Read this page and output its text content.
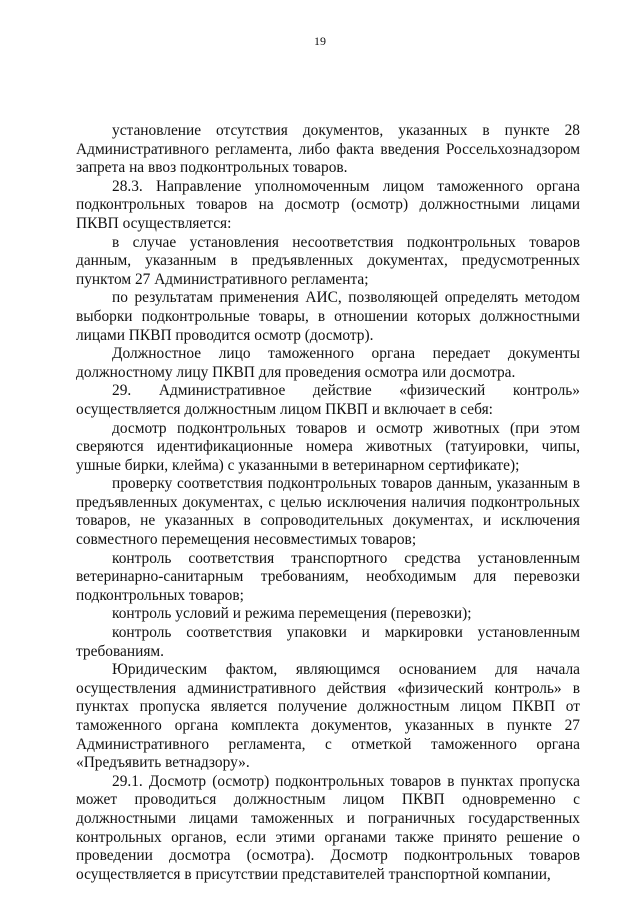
19

установление отсутствия документов, указанных в пункте 28 Административного регламента, либо факта введения Россельхознадзором запрета на ввоз подконтрольных товаров.

28.3. Направление уполномоченным лицом таможенного органа подконтрольных товаров на досмотр (осмотр) должностными лицами ПКВП осуществляется:

в случае установления несоответствия подконтрольных товаров данным, указанным в предъявленных документах, предусмотренных пунктом 27 Административного регламента;

по результатам применения АИС, позволяющей определять методом выборки подконтрольные товары, в отношении которых должностными лицами ПКВП проводится осмотр (досмотр).

Должностное лицо таможенного органа передает документы должностному лицу ПКВП для проведения осмотра или досмотра.

29. Административное действие «физический контроль» осуществляется должностным лицом ПКВП и включает в себя:

досмотр подконтрольных товаров и осмотр животных (при этом сверяются идентификационные номера животных (татуировки, чипы, ушные бирки, клейма) с указанными в ветеринарном сертификате);

проверку соответствия подконтрольных товаров данным, указанным в предъявленных документах, с целью исключения наличия подконтрольных товаров, не указанных в сопроводительных документах, и исключения совместного перемещения несовместимых товаров;

контроль соответствия транспортного средства установленным ветеринарно-санитарным требованиям, необходимым для перевозки подконтрольных товаров;

контроль условий и режима перемещения (перевозки);

контроль соответствия упаковки и маркировки установленным требованиям.

Юридическим фактом, являющимся основанием для начала осуществления административного действия «физический контроль» в пунктах пропуска является получение должностным лицом ПКВП от таможенного органа комплекта документов, указанных в пункте 27 Административного регламента, с отметкой таможенного органа «Предъявить ветнадзору».

29.1. Досмотр (осмотр) подконтрольных товаров в пунктах пропуска может проводиться должностным лицом ПКВП одновременно с должностными лицами таможенных и пограничных государственных контрольных органов, если этими органами также принято решение о проведении досмотра (осмотра). Досмотр подконтрольных товаров осуществляется в присутствии представителей транспортной компании,
